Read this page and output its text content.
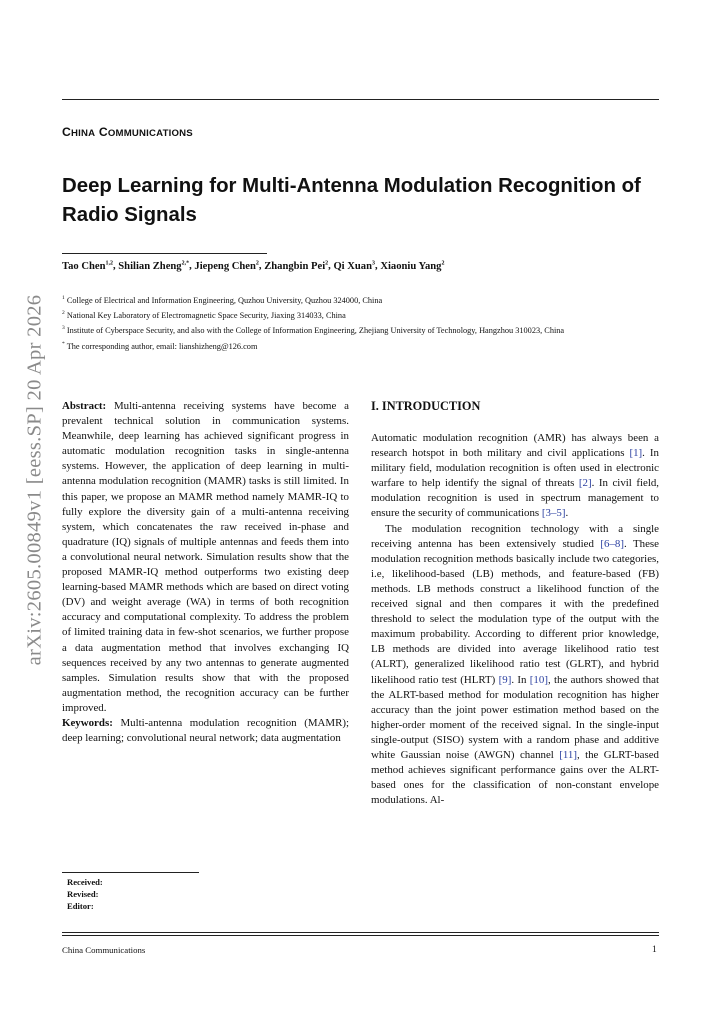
CHINA COMMUNICATIONS
Deep Learning for Multi-Antenna Modulation Recognition of Radio Signals
Tao Chen$^{1,2}$, Shilian Zheng$^{2,*}$, Jiepeng Chen$^2$, Zhangbin Pei$^2$, Qi Xuan$^3$, Xiaoniu Yang$^2$
$^1$ College of Electrical and Information Engineering, Quzhou University, Quzhou 324000, China
$^2$ National Key Laboratory of Electromagnetic Space Security, Jiaxing 314033, China
$^3$ Institute of Cyberspace Security, and also with the College of Information Engineering, Zhejiang University of Technology, Hangzhou 310023, China
* The corresponding author, email: lianshizheng@126.com
arXiv:2605.00849v1 [eess.SP] 20 Apr 2026 Abstract: Multi-antenna receiving systems have become a prevalent technical solution in communication systems. Meanwhile, deep learning has achieved significant progress in automatic modulation recognition tasks in single-antenna systems. However, the application of deep learning in multi-antenna modulation recognition (MAMR) tasks is still limited. In this paper, we propose an MAMR method namely MAMR-IQ to fully explore the diversity gain of a multi-antenna receiving system, which concatenates the raw received in-phase and quadrature (IQ) signals of multiple antennas and feeds them into a convolutional neural network. Simulation results show that the proposed MAMR-IQ method outperforms two existing deep learning-based MAMR methods which are based on direct voting (DV) and weight average (WA) in terms of both recognition accuracy and computational complexity. To address the problem of limited training data in few-shot scenarios, we further propose a data augmentation method that involves exchanging IQ sequences received by any two antennas to generate augmented samples. Simulation results show that with the proposed augmentation method, the recognition accuracy can be further improved.

Keywords: Multi-antenna modulation recognition (MAMR); deep learning; convolutional neural network; data augmentation

Received:
Revised:
Editor:
I. INTRODUCTION

Automatic modulation recognition (AMR) has always been a research hotspot in both military and civil applications [1]. In military field, modulation recognition is often used in electronic warfare to help identify the signal of threats [2]. In civil field, modulation recognition is used in spectrum management to ensure the security of communications [3–5].

The modulation recognition technology with a single receiving antenna has been extensively studied [6–8]. These modulation recognition methods basically include two categories, i.e, likelihood-based (LB) methods, and feature-based (FB) methods. LB methods construct a likelihood function of the received signal and then compares it with the predefined threshold to select the modulation type of the output with the maximum probability. According to different prior knowledge, LB methods are divided into average likelihood ratio test (ALRT), generalized likelihood ratio test (GLRT), and hybrid likelihood ratio test (HLRT) [9]. In [10], the authors showed that the ALRT-based method for modulation recognition has higher accuracy than the joint power estimation method based on the higher-order moment of the received signal. In the single-input single-output (SISO) system with a random phase and additive white Gaussian noise (AWGN) channel [11], the GLRT-based method achieves significant performance gains over the ALRT-based ones for the classification of non-constant envelope modulations. Al-

China Communications	1
